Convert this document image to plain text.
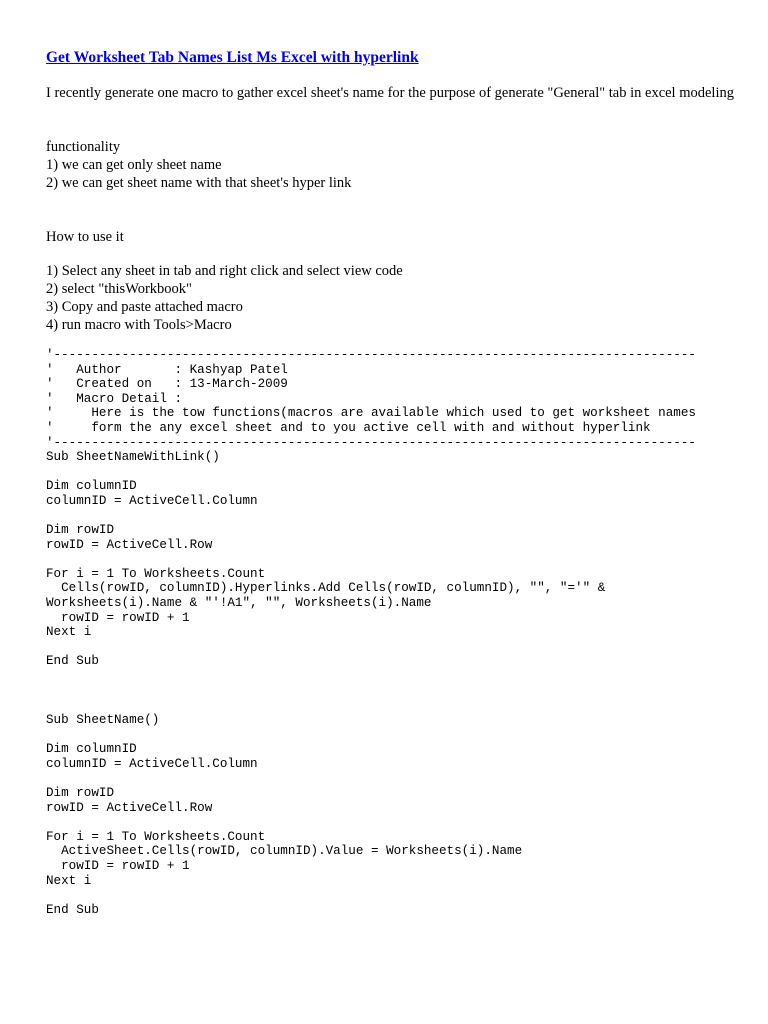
Get Worksheet Tab Names List Ms Excel with hyperlink

I recently generate one macro to gather excel sheet's name for the purpose of generate "General" tab in excel modeling

functionality
1) we can get only sheet name
2) we can get sheet name with that sheet's hyper link
How to use it
1) Select any sheet in tab and right click and select view code
2) select "thisWorkbook"
3) Copy and paste attached macro
4) run macro with Tools>Macro
'-------------------------------------------------------------------------------------
'   Author       : Kashyap Patel
'   Created on   : 13-March-2009
'   Macro Detail :
'     Here is the tow functions(macros are available which used to get worksheet names
'     form the any excel sheet and to you active cell with and without hyperlink
'-------------------------------------------------------------------------------------
Sub SheetNameWithLink()

Dim columnID
columnID = ActiveCell.Column

Dim rowID
rowID = ActiveCell.Row

For i = 1 To Worksheets.Count
Cells(rowID, columnID).Hyperlinks.Add Cells(rowID, columnID), "", "='" &
Worksheets(i).Name & "'!A1", "", Worksheets(i).Name
rowID = rowID + 1
Next i

End Sub
Sub SheetName()

Dim columnID
columnID = ActiveCell.Column

Dim rowID
rowID = ActiveCell.Row

For i = 1 To Worksheets.Count
ActiveSheet.Cells(rowID, columnID).Value = Worksheets(i).Name
rowID = rowID + 1
Next i

End Sub
